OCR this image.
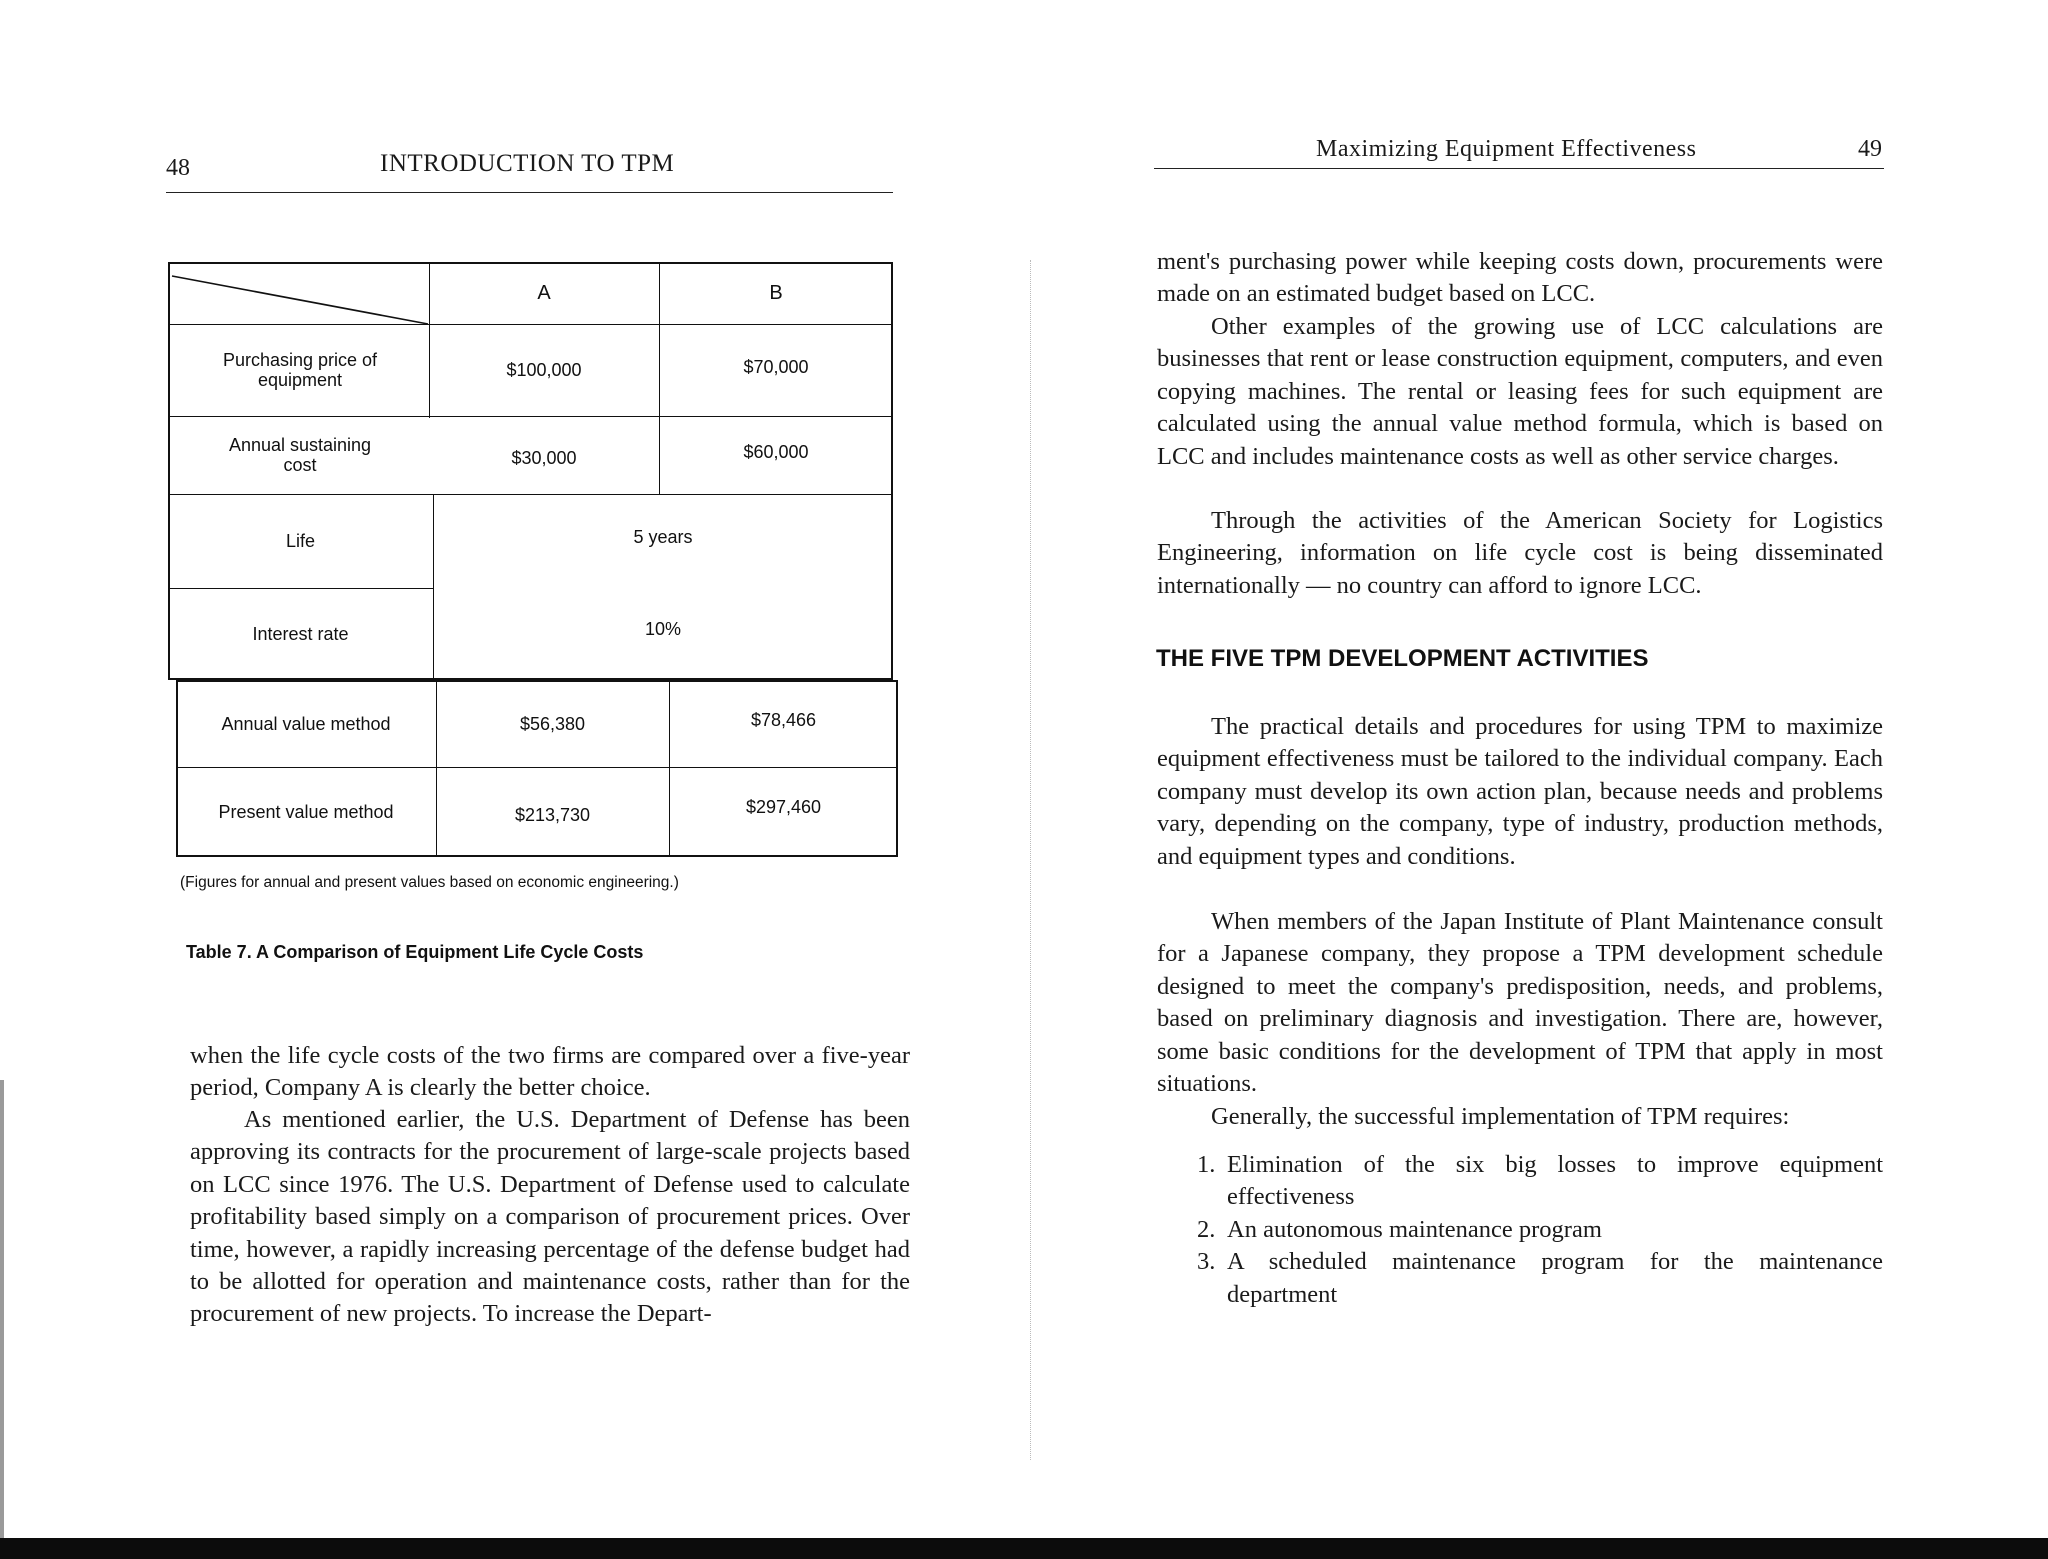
48	INTRODUCTION TO TPM
A	B
Purchasing price of equipment	$100,000	$70,000
Annual sustaining cost	$30,000	$60,000
Life	5 years
Interest rate	10%
Annual value method	$56,380	$78,466
Present value method	$213,730	$297,460
(Figures for annual and present values based on economic engineering.)
Table 7. A Comparison of Equipment Life Cycle Costs

when the life cycle costs of the two firms are compared over a five-year period, Company A is clearly the better choice.

As mentioned earlier, the U.S. Department of Defense has been approving its contracts for the procurement of large-scale projects based on LCC since 1976. The U.S. Department of Defense used to calculate profitability based simply on a comparison of procurement prices. Over time, however, a rapidly increasing percentage of the defense budget had to be allotted for operation and maintenance costs, rather than for the procurement of new projects. To increase the Depart-

Maximizing Equipment Effectiveness	49

ment's purchasing power while keeping costs down, procurements were made on an estimated budget based on LCC.

Other examples of the growing use of LCC calculations are businesses that rent or lease construction equipment, computers, and even copying machines. The rental or leasing fees for such equipment are calculated using the annual value method formula, which is based on LCC and includes maintenance costs as well as other service charges.

Through the activities of the American Society for Logistics Engineering, information on life cycle cost is being disseminated internationally — no country can afford to ignore LCC.

THE FIVE TPM DEVELOPMENT ACTIVITIES

The practical details and procedures for using TPM to maximize equipment effectiveness must be tailored to the individual company. Each company must develop its own action plan, because needs and problems vary, depending on the company, type of industry, production methods, and equipment types and conditions.

When members of the Japan Institute of Plant Maintenance consult for a Japanese company, they propose a TPM development schedule designed to meet the company's predisposition, needs, and problems, based on preliminary diagnosis and investigation. There are, however, some basic conditions for the development of TPM that apply in most situations.

Generally, the successful implementation of TPM requires:

1. Elimination of the six big losses to improve equipment effectiveness
2. An autonomous maintenance program
3. A scheduled maintenance program for the maintenance department
